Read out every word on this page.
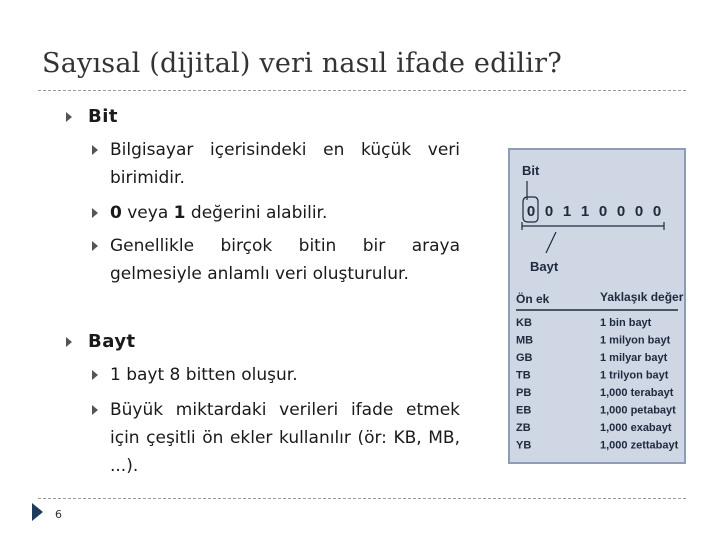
Sayısal (dijital) veri nasıl ifade edilir?
Bit
Bilgisayar içerisindeki en küçük veri birimidir.
0 veya 1 değerini alabilir.
Genellikle birçok bitin bir araya gelmesiyle anlamlı veri oluşturulur.
Bayt
1 bayt 8 bitten oluşur.
Büyük miktardaki verileri ifade etmek için çeşitli ön ekler kullanılır (ör: KB, MB, ...).
Bit
0 0 1 1 0 0 0 0
Bayt
Ön ek	Yaklaşık değeri
KB	1 bin bayt
MB	1 milyon bayt
GB	1 milyar bayt
TB	1 trilyon bayt
PB	1,000 terabayt
EB	1,000 petabayt
ZB	1,000 exabayt
YB	1,000 zettabayt
6
